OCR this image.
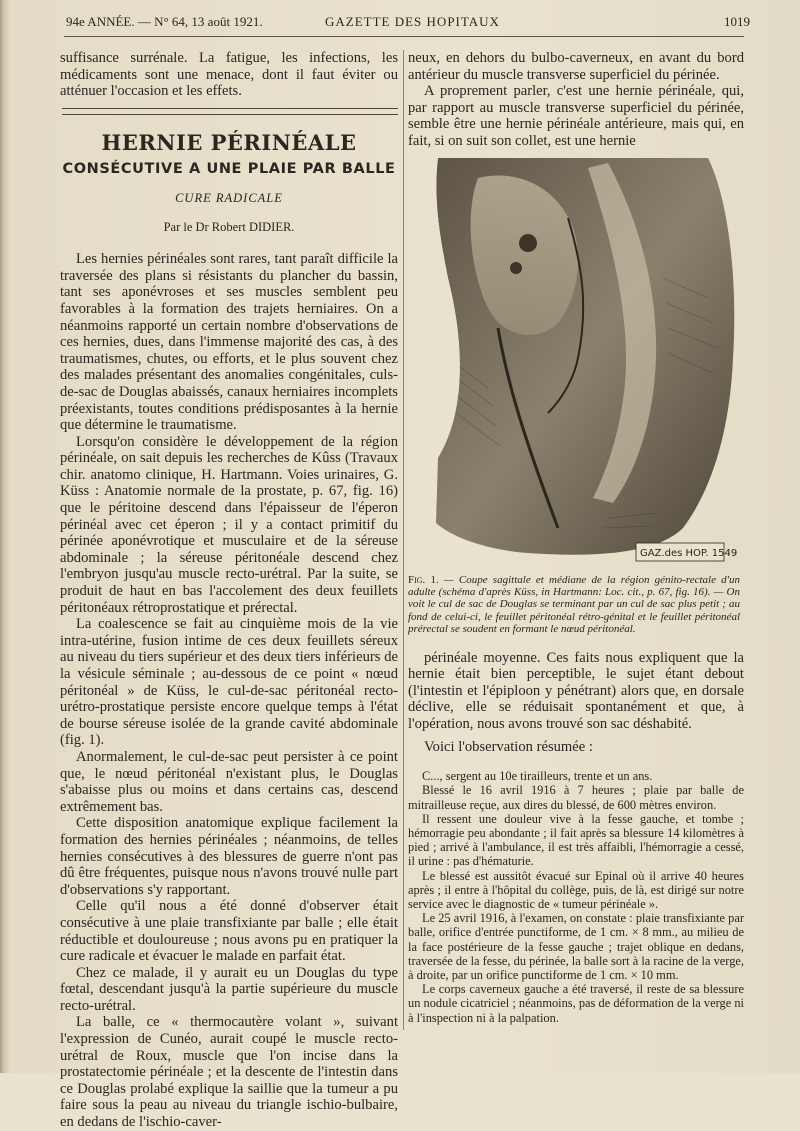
94e ANNÉE. — N° 64, 13 août 1921.	GAZETTE DES HOPITAUX	1019

suffisance surrénale. La fatigue, les infections, les médicaments sont une menace, dont il faut éviter ou atténuer l'occasion et les effets.

HERNIE PÉRINÉALE
CONSÉCUTIVE A UNE PLAIE PAR BALLE
CURE RADICALE
Par le Dr Robert DIDIER.

Les hernies périnéales sont rares, tant paraît difficile la traversée des plans si résistants du plancher du bassin, tant ses aponévroses et ses muscles semblent peu favorables à la formation des trajets herniaires. On a néanmoins rapporté un certain nombre d'observations de ces hernies, dues, dans l'immense majorité des cas, à des traumatismes, chutes, ou efforts, et le plus souvent chez des malades présentant des anomalies congénitales, culs-de-sac de Douglas abaissés, canaux herniaires incomplets préexistants, toutes conditions prédisposantes à la hernie que détermine le traumatisme.

Lorsqu'on considère le développement de la région périnéale, on sait depuis les recherches de Kûss (Travaux chir. anatomo clinique, H. Hartmann. Voies urinaires, G. Küss : Anatomie normale de la prostate, p. 67, fig. 16) que le péritoine descend dans l'épaisseur de l'éperon périnéal avec cet éperon ; il y a contact primitif du périnée aponévrotique et musculaire et de la séreuse abdominale ; la séreuse péritonéale descend chez l'embryon jusqu'au muscle recto-urétral. Par la suite, se produit de haut en bas l'accolement des deux feuillets péritonéaux rétroprostatique et prérectal.

La coalescence se fait au cinquième mois de la vie intra-utérine, fusion intime de ces deux feuillets séreux au niveau du tiers supérieur et des deux tiers inférieurs de la vésicule séminale ; au-dessous de ce point « nœud péritonéal » de Küss, le cul-de-sac péritonéal recto-urétro-prostatique persiste encore quelque temps à l'état de bourse séreuse isolée de la grande cavité abdominale (fig. 1).

Anormalement, le cul-de-sac peut persister à ce point que, le nœud péritonéal n'existant plus, le Douglas s'abaisse plus ou moins et dans certains cas, descend extrêmement bas.

Cette disposition anatomique explique facilement la formation des hernies périnéales ; néanmoins, de telles hernies consécutives à des blessures de guerre n'ont pas dû être fréquentes, puisque nous n'avons trouvé nulle part d'observations s'y rapportant.

Celle qu'il nous a été donné d'observer était consécutive à une plaie transfixiante par balle ; elle était réductible et douloureuse ; nous avons pu en pratiquer la cure radicale et évacuer le malade en parfait état.

Chez ce malade, il y aurait eu un Douglas du type fœtal, descendant jusqu'à la partie supérieure du muscle recto-urétral.

La balle, ce « thermocautère volant », suivant l'expression de Cunéo, aurait coupé le muscle recto-urétral de Roux, muscle que l'on incise dans la prostatectomie périnéale ; et la descente de l'intestin dans ce Douglas prolabé explique la saillie que la tumeur a pu faire sous la peau au niveau du triangle ischio-bulbaire, en dedans de l'ischio-caver-

neux, en dehors du bulbo-caverneux, en avant du bord antérieur du muscle transverse superficiel du périnée.

A proprement parler, c'est une hernie périnéale, qui, par rapport au muscle transverse superficiel du périnée, semble être une hernie périnéale antérieure, mais qui, en fait, si on suit son collet, est une hernie

GAZ.des HOP. 1549
Fig. 1. — Coupe sagittale et médiane de la région génito-rectale d'un adulte (schéma d'après Küss, in Hartmann: Loc. cit., p. 67, fig. 16). — On voit le cul de sac de Douglas se terminant par un cul de sac plus petit ; au fond de celui-ci, le feuillet péritonéal rétro-génital et le feuillet péritonéal prérectal se soudent en formant le nœud péritonéal.

périnéale moyenne. Ces faits nous expliquent que la hernie était bien perceptible, le sujet étant debout (l'intestin et l'épiploon y pénétrant) alors que, en dorsale déclive, elle se réduisait spontanément et que, à l'opération, nous avons trouvé son sac déshabité.

Voici l'observation résumée :

C..., sergent au 10e tirailleurs, trente et un ans.

Blessé le 16 avril 1916 à 7 heures ; plaie par balle de mitrailleuse reçue, aux dires du blessé, de 600 mètres environ.

Il ressent une douleur vive à la fesse gauche, et tombe ; hémorragie peu abondante ; il fait après sa blessure 14 kilomètres à pied ; arrivé à l'ambulance, il est très affaibli, l'hémorragie a cessé, il urine : pas d'hématurie.

Le blessé est aussitôt évacué sur Epinal où il arrive 40 heures après ; il entre à l'hôpital du collège, puis, de là, est dirigé sur notre service avec le diagnostic de « tumeur périnéale ».

Le 25 avril 1916, à l'examen, on constate : plaie transfixiante par balle, orifice d'entrée punctiforme, de 1 cm. × 8 mm., au milieu de la face postérieure de la fesse gauche ; trajet oblique en dedans, traversée de la fesse, du périnée, la balle sort à la racine de la verge, à droite, par un orifice punctiforme de 1 cm. × 10 mm.

Le corps caverneux gauche a été traversé, il reste de sa blessure un nodule cicatriciel ; néanmoins, pas de déformation de la verge ni à l'inspection ni à la palpation.
